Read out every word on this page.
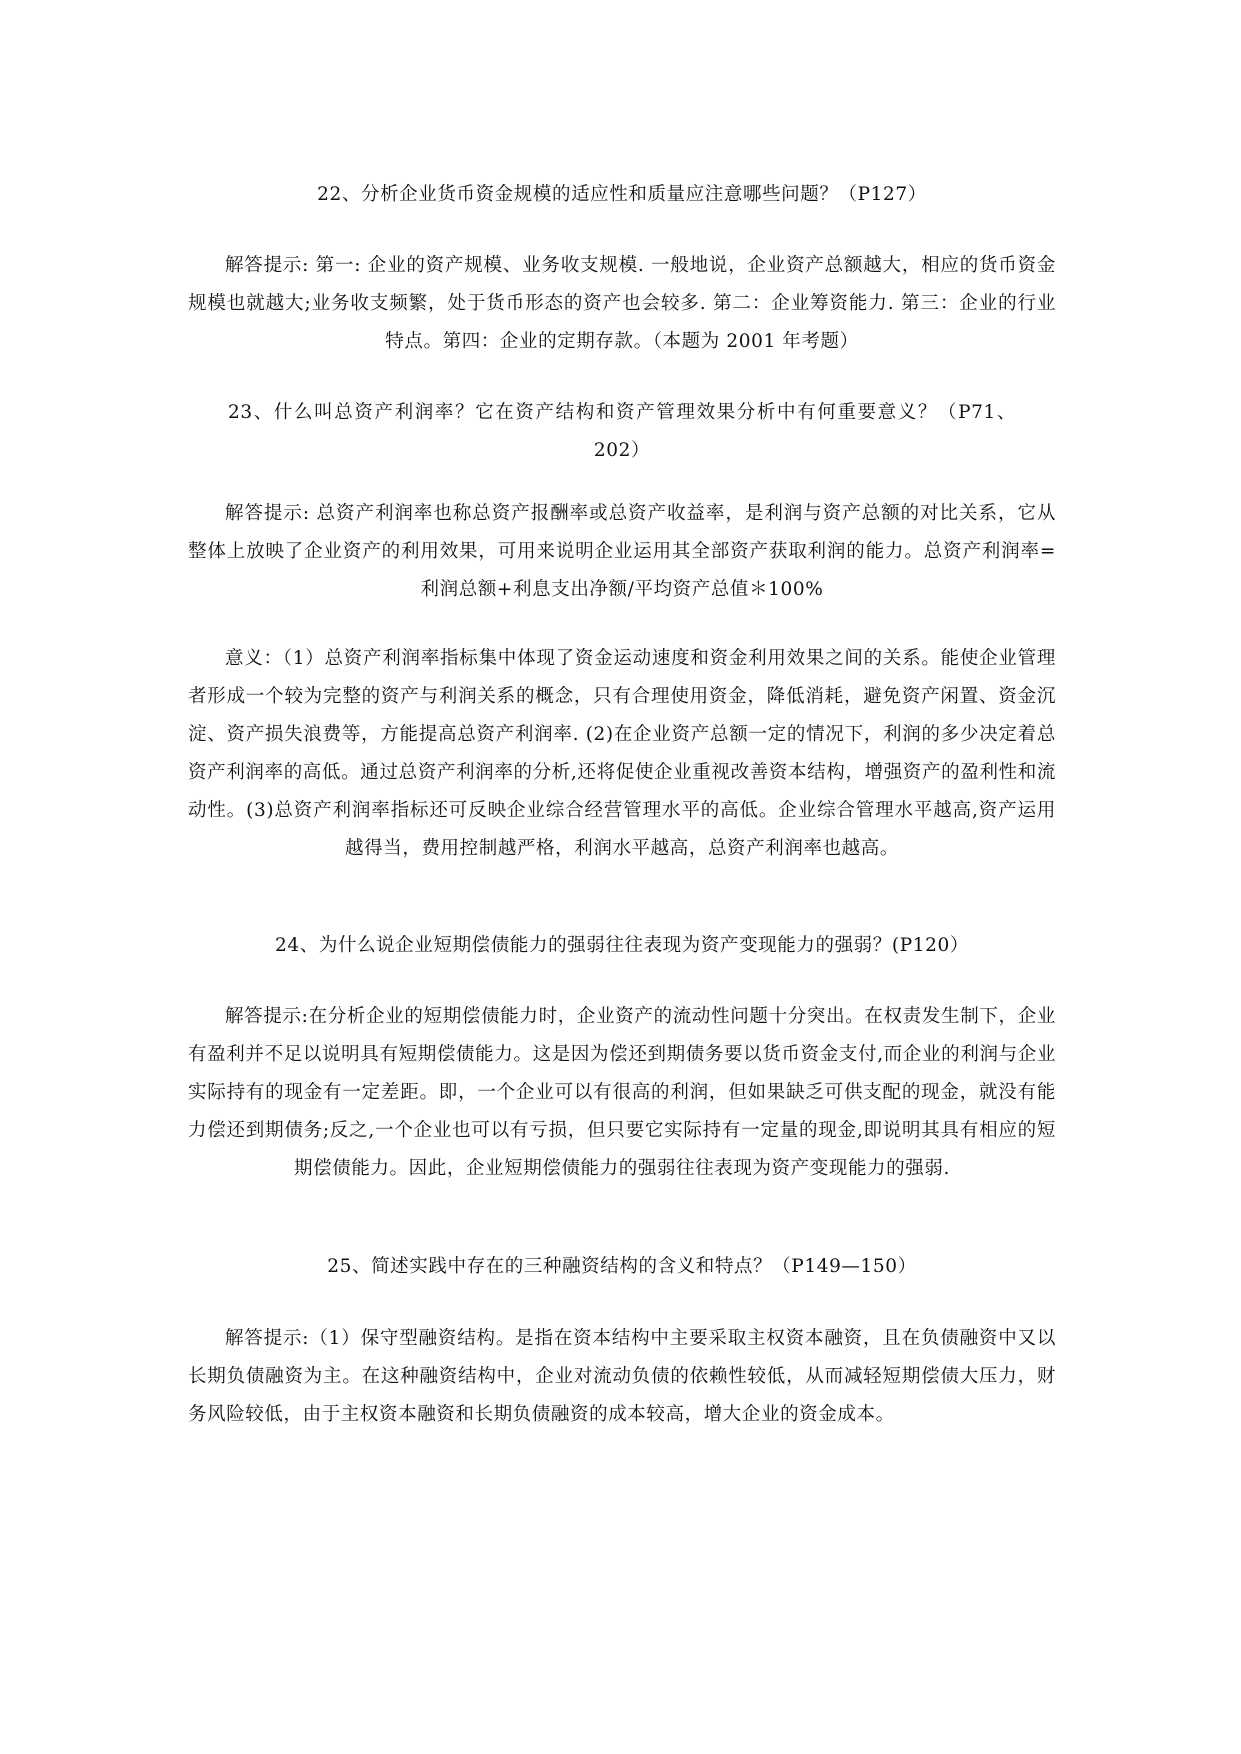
22、分析企业货币资金规模的适应性和质量应注意哪些问题？（P127）

解答提示: 第一: 企业的资产规模、业务收支规模. 一般地说，企业资产总额越大，相应的货币资金规模也就越大;业务收支频繁，处于货币形态的资产也会较多. 第二：企业筹资能力. 第三：企业的行业特点。第四：企业的定期存款。（本题为 2001 年考题）

23、什么叫总资产利润率？它在资产结构和资产管理效果分析中有何重要意义？（P71、202）

解答提示: 总资产利润率也称总资产报酬率或总资产收益率，是利润与资产总额的对比关系，它从整体上放映了企业资产的利用效果，可用来说明企业运用其全部资产获取利润的能力。总资产利润率=利润总额+利息支出净额/平均资产总值＊100%

意义：（1）总资产利润率指标集中体现了资金运动速度和资金利用效果之间的关系。能使企业管理者形成一个较为完整的资产与利润关系的概念，只有合理使用资金，降低消耗，避免资产闲置、资金沉淀、资产损失浪费等，方能提高总资产利润率. (2)在企业资产总额一定的情况下，利润的多少决定着总资产利润率的高低。通过总资产利润率的分析,还将促使企业重视改善资本结构，增强资产的盈利性和流动性。(3)总资产利润率指标还可反映企业综合经营管理水平的高低。企业综合管理水平越高,资产运用越得当，费用控制越严格，利润水平越高，总资产利润率也越高。

24、为什么说企业短期偿债能力的强弱往往表现为资产变现能力的强弱？(P120）

解答提示:在分析企业的短期偿债能力时，企业资产的流动性问题十分突出。在权责发生制下，企业有盈利并不足以说明具有短期偿债能力。这是因为偿还到期债务要以货币资金支付,而企业的利润与企业实际持有的现金有一定差距。即，一个企业可以有很高的利润，但如果缺乏可供支配的现金，就没有能力偿还到期债务;反之,一个企业也可以有亏损，但只要它实际持有一定量的现金,即说明其具有相应的短期偿债能力。因此，企业短期偿债能力的强弱往往表现为资产变现能力的强弱.

25、简述实践中存在的三种融资结构的含义和特点？（P149—150）

解答提示:（1）保守型融资结构。是指在资本结构中主要采取主权资本融资，且在负债融资中又以长期负债融资为主。在这种融资结构中，企业对流动负债的依赖性较低，从而减轻短期偿债大压力，财务风险较低，由于主权资本融资和长期负债融资的成本较高，增大企业的资金成本。
